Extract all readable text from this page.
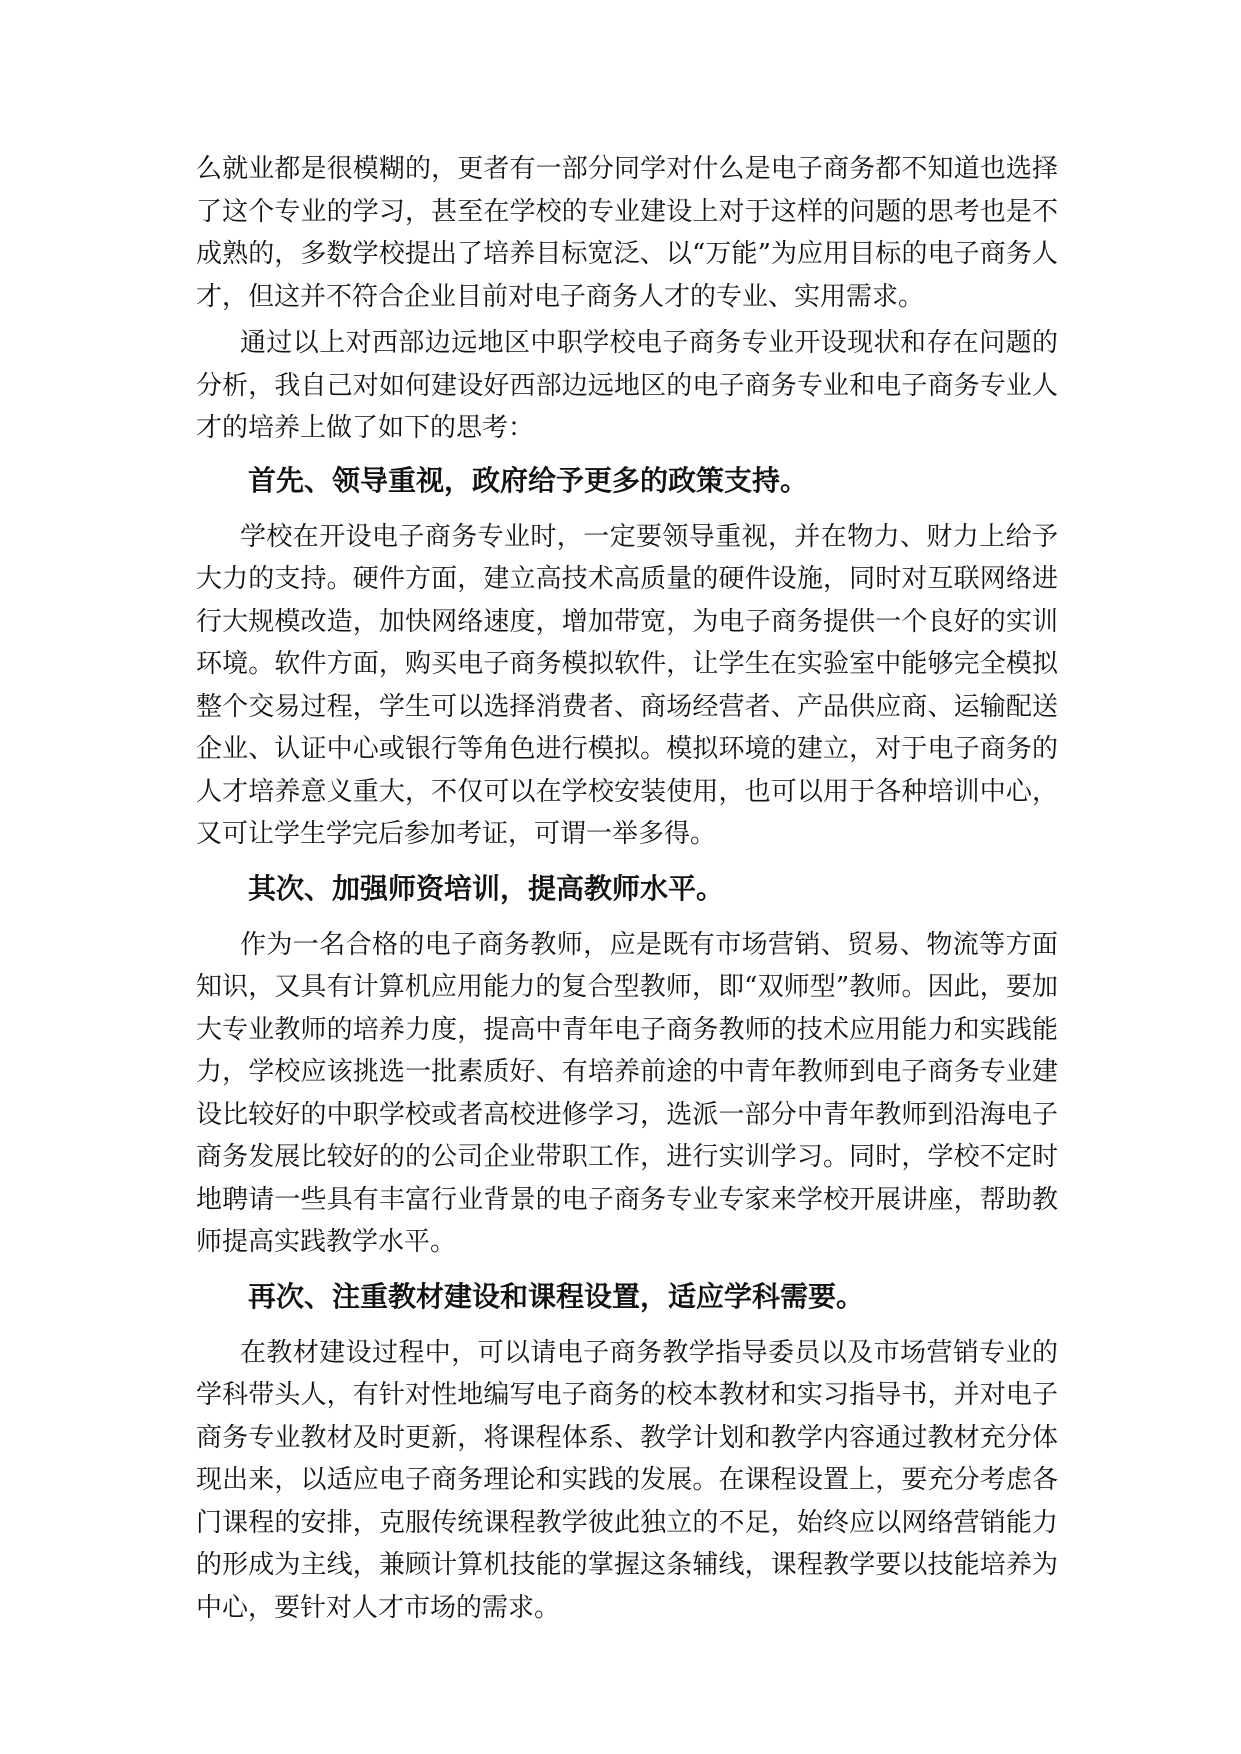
么就业都是很模糊的，更者有一部分同学对什么是电子商务都不知道也选择了这个专业的学习，甚至在学校的专业建设上对于这样的问题的思考也是不成熟的，多数学校提出了培养目标宽泛、以“万能”为应用目标的电子商务人才，但这并不符合企业目前对电子商务人才的专业、实用需求。

通过以上对西部边远地区中职学校电子商务专业开设现状和存在问题的分析，我自己对如何建设好西部边远地区的电子商务专业和电子商务专业人才的培养上做了如下的思考：

首先、领导重视，政府给予更多的政策支持。

学校在开设电子商务专业时，一定要领导重视，并在物力、财力上给予大力的支持。硬件方面，建立高技术高质量的硬件设施，同时对互联网络进行大规模改造，加快网络速度，增加带宽，为电子商务提供一个良好的实训环境。软件方面，购买电子商务模拟软件，让学生在实验室中能够完全模拟整个交易过程，学生可以选择消费者、商场经营者、产品供应商、运输配送企业、认证中心或银行等角色进行模拟。模拟环境的建立，对于电子商务的人才培养意义重大，不仅可以在学校安装使用，也可以用于各种培训中心，又可让学生学完后参加考证，可谓一举多得。

其次、加强师资培训，提高教师水平。

作为一名合格的电子商务教师，应是既有市场营销、贸易、物流等方面知识，又具有计算机应用能力的复合型教师，即“双师型”教师。因此，要加大专业教师的培养力度，提高中青年电子商务教师的技术应用能力和实践能力，学校应该挑选一批素质好、有培养前途的中青年教师到电子商务专业建设比较好的中职学校或者高校进修学习，选派一部分中青年教师到沿海电子商务发展比较好的的公司企业带职工作，进行实训学习。同时，学校不定时地聘请一些具有丰富行业背景的电子商务专业专家来学校开展讲座，帮助教师提高实践教学水平。

再次、注重教材建设和课程设置，适应学科需要。

在教材建设过程中，可以请电子商务教学指导委员以及市场营销专业的学科带头人，有针对性地编写电子商务的校本教材和实习指导书，并对电子商务专业教材及时更新，将课程体系、教学计划和教学内容通过教材充分体现出来，以适应电子商务理论和实践的发展。在课程设置上，要充分考虑各门课程的安排，克服传统课程教学彼此独立的不足，始终应以网络营销能力的形成为主线，兼顾计算机技能的掌握这条辅线，课程教学要以技能培养为中心，要针对人才市场的需求。
